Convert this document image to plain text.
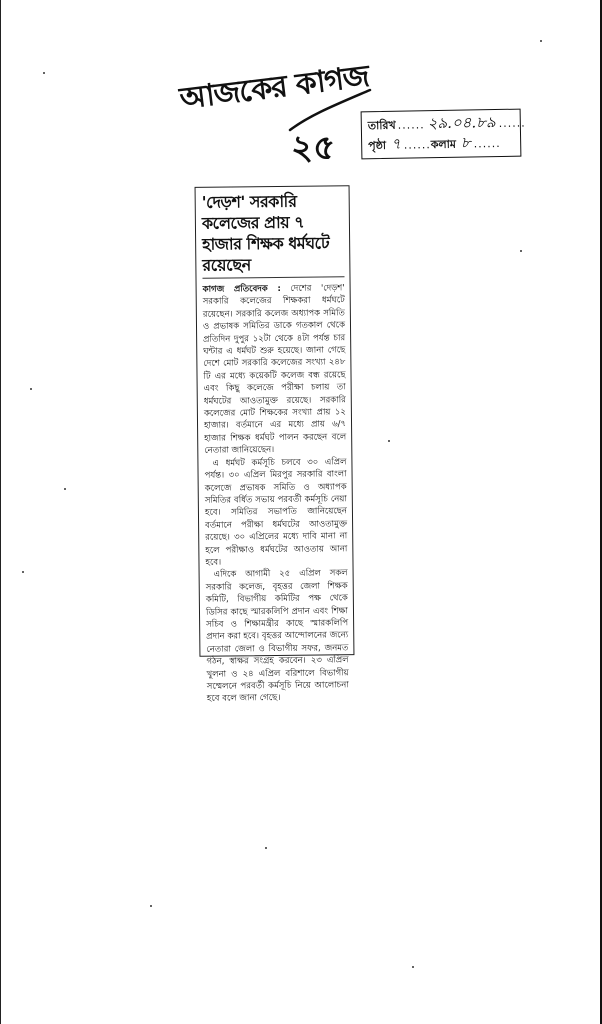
আজকের কাগজ
২৫
তারিখ ...... ২৯.০৪.৮৯ ......
পৃষ্ঠা ৭ ...... কলাম ৮ ......
'দেড়শ' সরকারি কলেজের প্রায় ৭ হাজার শিক্ষক ধর্মঘটে রয়েছেন

কাগজ প্রতিবেদক : দেশের 'দেড়শ' সরকারি কলেজের শিক্ষকরা ধর্মঘটে রয়েছেন। সরকারি কলেজ অধ্যাপক সমিতি ও প্রভাষক সমিতির ডাকে গতকাল থেকে প্রতিদিন দুপুর ১২টা থেকে ৪টা পর্যন্ত চার ঘন্টার এ ধর্মঘট শুরু হয়েছে। জানা গেছে দেশে মোট সরকারি কলেজের সংখ্যা ২৪৮ টি এর মধ্যে কয়েকটি কলেজ বন্ধ রয়েছে এবং কিছু কলেজে পরীক্ষা চলায় তা ধর্মঘটের আওতামুক্ত রয়েছে। সরকারি কলেজের মোট শিক্ষকের সংখ্যা প্রায় ১২ হাজার। বর্তমানে এর মধ্যে প্রায় ৬/৭ হাজার শিক্ষক ধর্মঘট পালন করছেন বলে নেতারা জানিয়েছেন।

এ ধর্মঘট কর্মসূচি চলবে ৩০ এপ্রিল পর্যন্ত। ৩০ এপ্রিল মিরপুর সরকারি বাংলা কলেজে প্রভাষক সমিতি ও অধ্যাপক সমিতির বর্ধিত সভায় পরবর্তী কর্মসূচি নেয়া হবে। সমিতির সভাপতি জানিয়েছেন বর্তমানে পরীক্ষা ধর্মঘটের আওতামুক্ত রয়েছে। ৩০ এপ্রিলের মধ্যে দাবি মানা না হলে পরীক্ষাও ধর্মঘটের আওতায় আনা হবে।

এদিকে আগামী ২৫ এপ্রিল সকল সরকারি কলেজ, বৃহত্তর জেলা শিক্ষক কমিটি, বিভাগীয় কমিটির পক্ষ থেকে ডিসির কাছে স্মারকলিপি প্রদান এবং শিক্ষা সচিব ও শিক্ষামন্ত্রীর কাছে স্মারকলিপি প্রদান করা হবে। বৃহত্তর আন্দোলনের জন্যে নেতারা জেলা ও বিভাগীয় সফর, জনমত গঠন, স্বাক্ষর সংগ্রহ করবেন। ২৩ এপ্রিল খুলনা ও ২৪ এপ্রিল বরিশালে বিভাগীয় সম্মেলনে পরবর্তী কর্মসূচি নিয়ে আলোচনা হবে বলে জানা গেছে।
